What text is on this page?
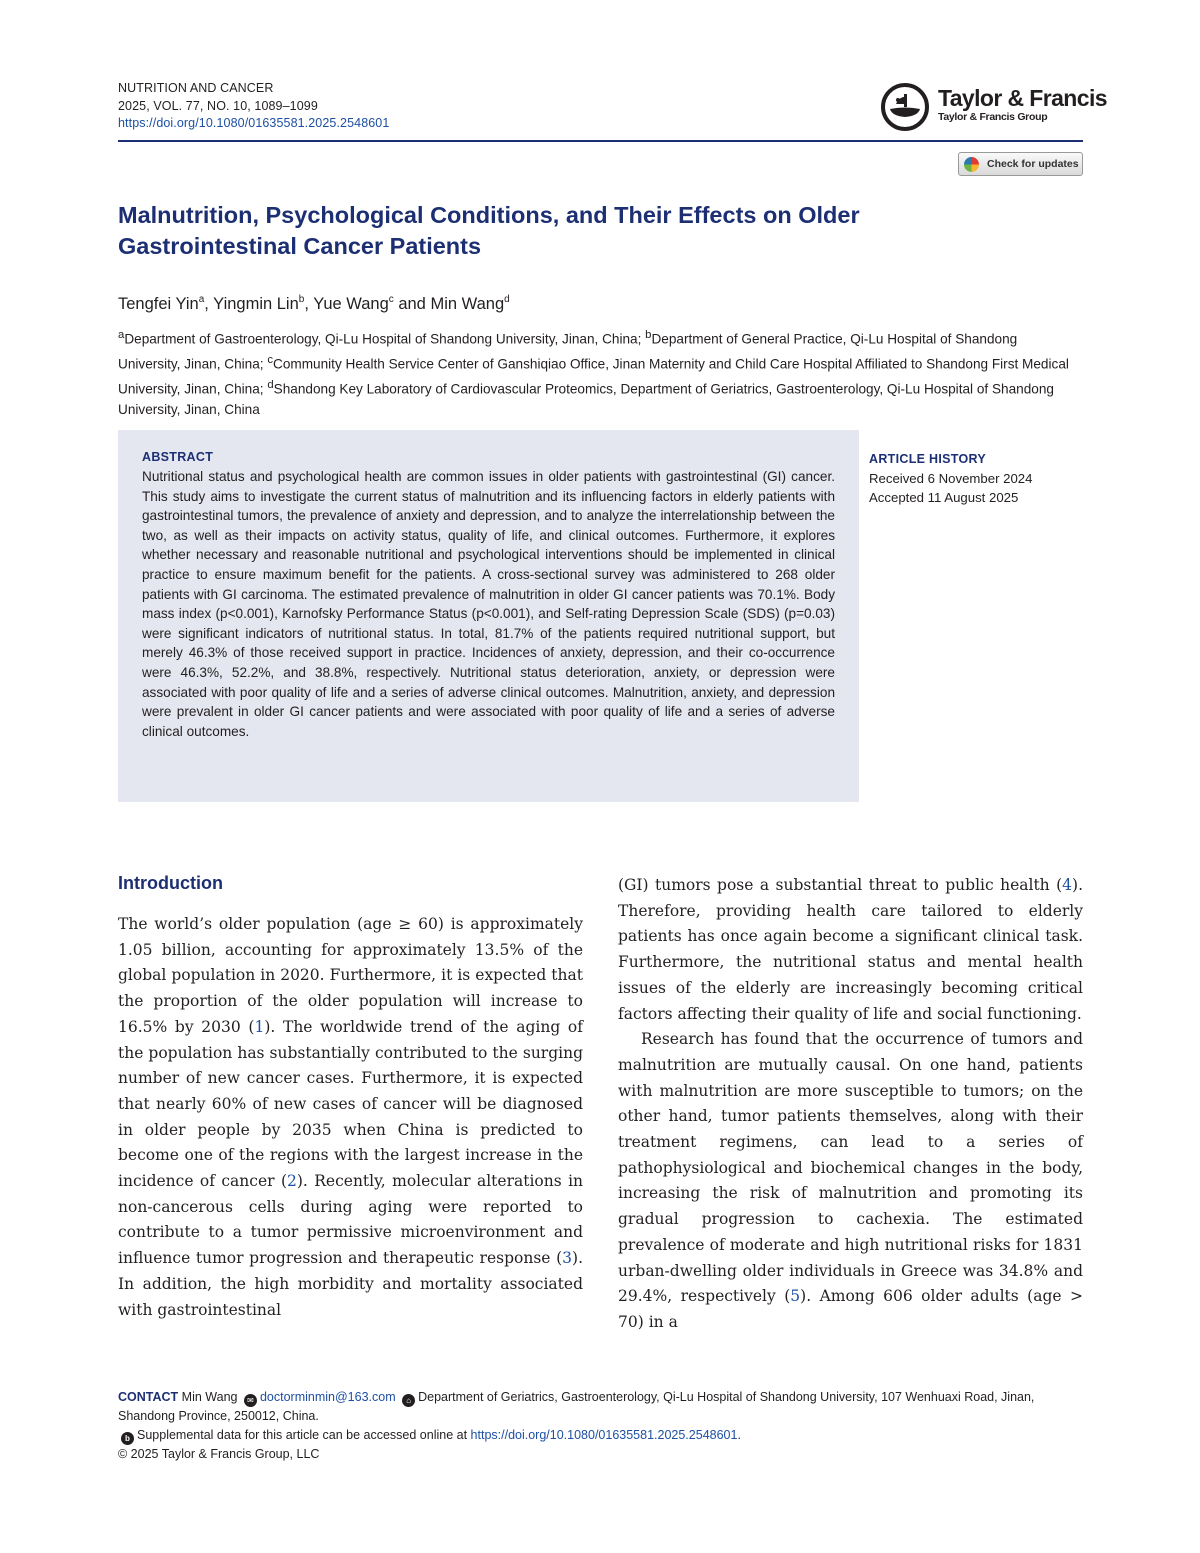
NUTRITION AND CANCER
2025, VOL. 77, NO. 10, 1089–1099
https://doi.org/10.1080/01635581.2025.2548601
Taylor & Francis
Taylor & Francis Group
Check for updates
Malnutrition, Psychological Conditions, and Their Effects on Older Gastrointestinal Cancer Patients
Tengfei Yin$^a$, Yingmin Lin$^b$, Yue Wang$^c$ and Min Wang$^d$

$^a$Department of Gastroenterology, Qi-Lu Hospital of Shandong University, Jinan, China; $^b$Department of General Practice, Qi-Lu Hospital of Shandong University, Jinan, China; $^c$Community Health Service Center of Ganshiqiao Office, Jinan Maternity and Child Care Hospital Affiliated to Shandong First Medical University, Jinan, China; $^d$Shandong Key Laboratory of Cardiovascular Proteomics, Department of Geriatrics, Gastroenterology, Qi-Lu Hospital of Shandong University, Jinan, China

ABSTRACT

Nutritional status and psychological health are common issues in older patients with gastrointestinal (GI) cancer. This study aims to investigate the current status of malnutrition and its influencing factors in elderly patients with gastrointestinal tumors, the prevalence of anxiety and depression, and to analyze the interrelationship between the two, as well as their impacts on activity status, quality of life, and clinical outcomes. Furthermore, it explores whether necessary and reasonable nutritional and psychological interventions should be implemented in clinical practice to ensure maximum benefit for the patients. A cross-sectional survey was administered to 268 older patients with GI carcinoma. The estimated prevalence of malnutrition in older GI cancer patients was 70.1%. Body mass index (p<0.001), Karnofsky Performance Status (p<0.001), and Self-rating Depression Scale (SDS) (p=0.03) were significant indicators of nutritional status. In total, 81.7% of the patients required nutritional support, but merely 46.3% of those received support in practice. Incidences of anxiety, depression, and their co-occurrence were 46.3%, 52.2%, and 38.8%, respectively. Nutritional status deterioration, anxiety, or depression were associated with poor quality of life and a series of adverse clinical outcomes. Malnutrition, anxiety, and depression were prevalent in older GI cancer patients and were associated with poor quality of life and a series of adverse clinical outcomes.

ARTICLE HISTORY
Received 6 November 2024
Accepted 11 August 2025
Introduction

The world’s older population (age ≥ 60) is approximately 1.05 billion, accounting for approximately 13.5% of the global population in 2020. Furthermore, it is expected that the proportion of the older population will increase to 16.5% by 2030 (1). The worldwide trend of the aging of the population has substantially contributed to the surging number of new cancer cases. Furthermore, it is expected that nearly 60% of new cases of cancer will be diagnosed in older people by 2035 when China is predicted to become one of the regions with the largest increase in the incidence of cancer (2). Recently, molecular alterations in non-cancerous cells during aging were reported to contribute to a tumor permissive microenvironment and influence tumor progression and therapeutic response (3). In addition, the high morbidity and mortality associated with gastrointestinal

(GI) tumors pose a substantial threat to public health (4). Therefore, providing health care tailored to elderly patients has once again become a significant clinical task. Furthermore, the nutritional status and mental health issues of the elderly are increasingly becoming critical factors affecting their quality of life and social functioning.

Research has found that the occurrence of tumors and malnutrition are mutually causal. On one hand, patients with malnutrition are more susceptible to tumors; on the other hand, tumor patients themselves, along with their treatment regimens, can lead to a series of pathophysiological and biochemical changes in the body, increasing the risk of malnutrition and promoting its gradual progression to cachexia. The estimated prevalence of moderate and high nutritional risks for 1831 urban-dwelling older individuals in Greece was 34.8% and 29.4%, respectively (5). Among 606 older adults (age > 70) in a

CONTACT Min Wang ✉ doctorminmin@163.com ⌂ Department of Geriatrics, Gastroenterology, Qi-Lu Hospital of Shandong University, 107 Wenhuaxi Road, Jinan, Shandong Province, 250012, China.
b Supplemental data for this article can be accessed online at https://doi.org/10.1080/01635581.2025.2548601.
© 2025 Taylor & Francis Group, LLC
